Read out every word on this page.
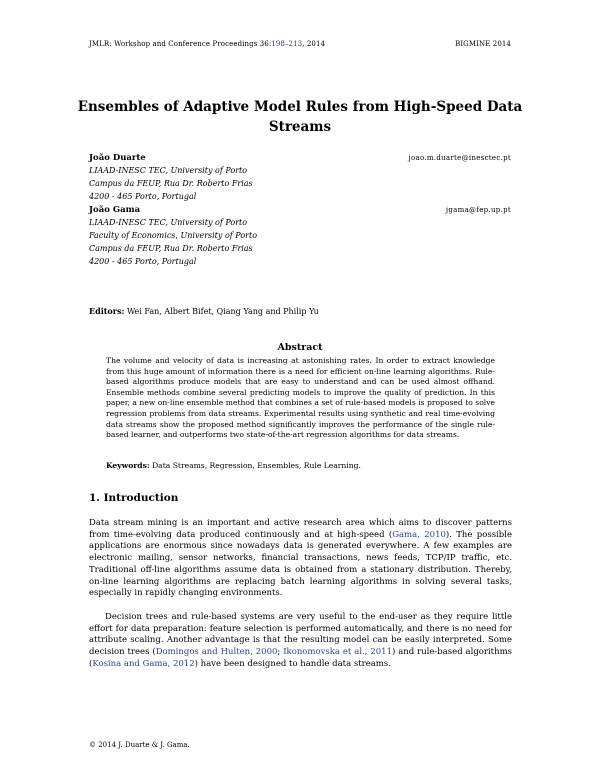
JMLR: Workshop and Conference Proceedings 36:198–213, 2014	BIGMINE 2014
Ensembles of Adaptive Model Rules from High-Speed Data Streams
João Duarte	joao.m.duarte@inesctec.pt
LIAAD-INESC TEC, University of Porto
Campus da FEUP, Rua Dr. Roberto Frias
4200 - 465 Porto, Portugal
João Gama	jgama@fep.up.pt
LIAAD-INESC TEC, University of Porto
Faculty of Economics, University of Porto
Campus da FEUP, Rua Dr. Roberto Frias
4200 - 465 Porto, Portugal
Editors: Wei Fan, Albert Bifet, Qiang Yang and Philip Yu
Abstract
The volume and velocity of data is increasing at astonishing rates. In order to extract knowledge from this huge amount of information there is a need for efficient on-line learning algorithms. Rule-based algorithms produce models that are easy to understand and can be used almost offhand. Ensemble methods combine several predicting models to improve the quality of prediction. In this paper, a new on-line ensemble method that combines a set of rule-based models is proposed to solve regression problems from data streams. Experimental results using synthetic and real time-evolving data streams show the proposed method significantly improves the performance of the single rule-based learner, and outperforms two state-of-the-art regression algorithms for data streams.
Keywords: Data Streams, Regression, Ensembles, Rule Learning.
1. Introduction
Data stream mining is an important and active research area which aims to discover patterns from time-evolving data produced continuously and at high-speed (Gama, 2010). The possible applications are enormous since nowadays data is generated everywhere. A few examples are electronic mailing, sensor networks, financial transactions, news feeds, TCP/IP traffic, etc. Traditional off-line algorithms assume data is obtained from a stationary distribution. Thereby, on-line learning algorithms are replacing batch learning algorithms in solving several tasks, especially in rapidly changing environments.
Decision trees and rule-based systems are very useful to the end-user as they require little effort for data preparation: feature selection is performed automatically, and there is no need for attribute scaling. Another advantage is that the resulting model can be easily interpreted. Some decision trees (Domingos and Hulten, 2000; Ikonomovska et al., 2011) and rule-based algorithms (Kosina and Gama, 2012) have been designed to handle data streams.
© 2014 J. Duarte & J. Gama.
